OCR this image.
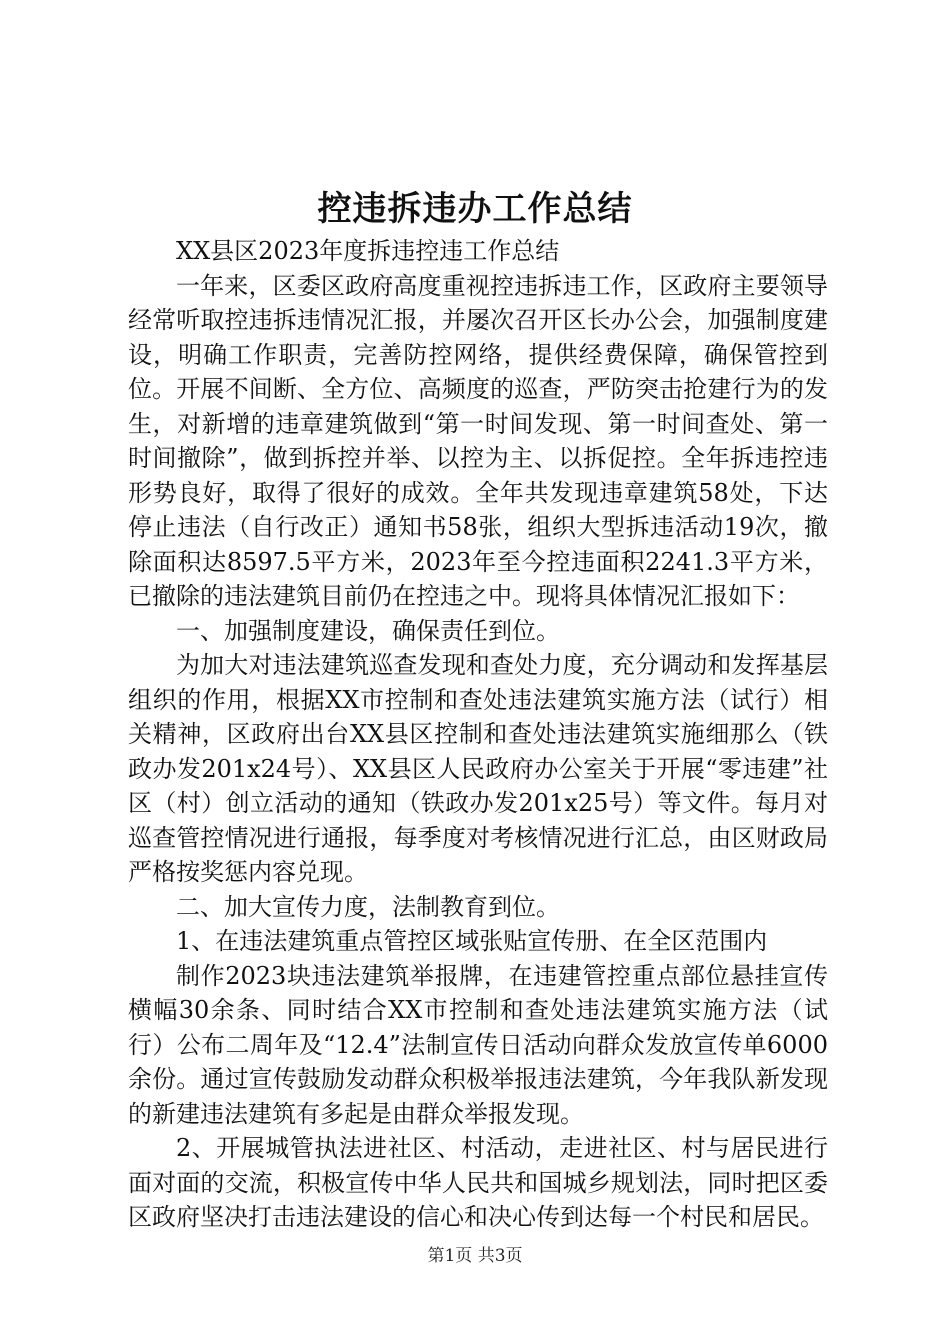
控违拆违办工作总结

XX县区2023年度拆违控违工作总结

一年来，区委区政府高度重视控违拆违工作，区政府主要领导经常听取控违拆违情况汇报，并屡次召开区长办公会，加强制度建设，明确工作职责，完善防控网络，提供经费保障，确保管控到位。开展不间断、全方位、高频度的巡查，严防突击抢建行为的发生，对新增的违章建筑做到“第一时间发现、第一时间查处、第一时间撤除”，做到拆控并举、以控为主、以拆促控。全年拆违控违形势良好，取得了很好的成效。全年共发现违章建筑58处，下达停止违法（自行改正）通知书58张，组织大型拆违活动19次，撤除面积达8597.5平方米，2023年至今控违面积2241.3平方米，已撤除的违法建筑目前仍在控违之中。现将具体情况汇报如下：

一、加强制度建设，确保责任到位。

为加大对违法建筑巡查发现和查处力度，充分调动和发挥基层组织的作用，根据XX市控制和查处违法建筑实施方法（试行）相关精神，区政府出台XX县区控制和查处违法建筑实施细那么（铁政办发201x24号）、XX县区人民政府办公室关于开展“零违建”社区（村）创立活动的通知（铁政办发201x25号）等文件。每月对巡查管控情况进行通报，每季度对考核情况进行汇总，由区财政局严格按奖惩内容兑现。

二、加大宣传力度，法制教育到位。

1、在违法建筑重点管控区域张贴宣传册、在全区范围内

制作2023块违法建筑举报牌，在违建管控重点部位悬挂宣传横幅30余条、同时结合XX市控制和查处违法建筑实施方法（试行）公布二周年及“12.4”法制宣传日活动向群众发放宣传单6000余份。通过宣传鼓励发动群众积极举报违法建筑，今年我队新发现的新建违法建筑有多起是由群众举报发现。

2、开展城管执法进社区、村活动，走进社区、村与居民进行面对面的交流，积极宣传中华人民共和国城乡规划法，同时把区委区政府坚决打击违法建设的信心和决心传到达每一个村民和居民。

第1页 共3页
